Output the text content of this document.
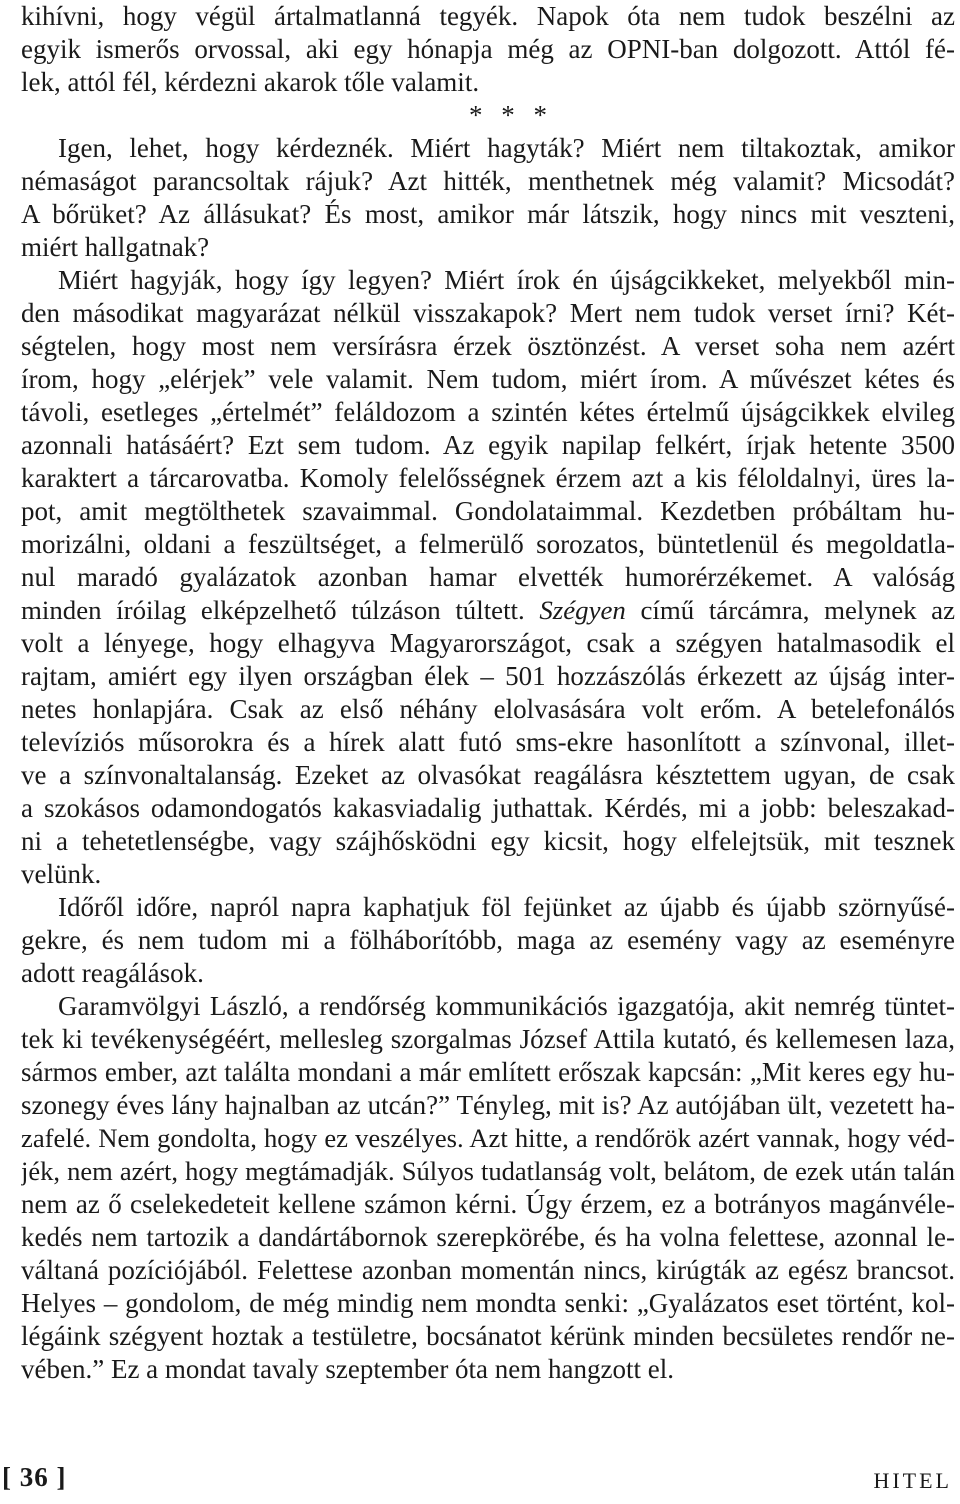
kihívni, hogy végül ártalmatlanná tegyék. Napok óta nem tudok beszélni az
egyik ismerős orvossal, aki egy hónapja még az OPNI-ban dolgozott. Attól fé-
lek, attól fél, kérdezni akarok tőle valamit.
* * *
Igen, lehet, hogy kérdeznék. Miért hagyták? Miért nem tiltakoztak, amikor
némaságot parancsoltak rájuk? Azt hitték, menthetnek még valamit? Micsodát?
A bőrüket? Az állásukat? És most, amikor már látszik, hogy nincs mit veszteni,
miért hallgatnak?
Miért hagyják, hogy így legyen? Miért írok én újságcikkeket, melyekből min-
den másodikat magyarázat nélkül visszakapok? Mert nem tudok verset írni? Két-
ségtelen, hogy most nem versírásra érzek ösztönzést. A verset soha nem azért
írom, hogy „elérjek” vele valamit. Nem tudom, miért írom. A művészet kétes és
távoli, esetleges „értelmét” feláldozom a szintén kétes értelmű újságcikkek elvileg
azonnali hatásáért? Ezt sem tudom. Az egyik napilap felkért, írjak hetente 3500
karaktert a tárcarovatba. Komoly felelősségnek érzem azt a kis féloldalnyi, üres la-
pot, amit megtölthetek szavaimmal. Gondolataimmal. Kezdetben próbáltam hu-
morizálni, oldani a feszültséget, a felmerülő sorozatos, büntetlenül és megoldatla-
nul maradó gyalázatok azonban hamar elvették humorérzékemet. A valóság
minden íróilag elképzelhető túlzáson túltett. Szégyen című tárcámra, melynek az
volt a lényege, hogy elhagyva Magyarországot, csak a szégyen hatalmasodik el
rajtam, amiért egy ilyen országban élek – 501 hozzászólás érkezett az újság inter-
netes honlapjára. Csak az első néhány elolvasására volt erőm. A betelefonálós
televíziós műsorokra és a hírek alatt futó sms-ekre hasonlított a színvonal, illet-
ve a színvonaltalanság. Ezeket az olvasókat reagálásra késztettem ugyan, de csak
a szokásos odamondogatós kakasviadalig juthattak. Kérdés, mi a jobb: beleszakad-
ni a tehetetlenségbe, vagy szájhősködni egy kicsit, hogy elfelejtsük, mit tesznek
velünk.
Időről időre, napról napra kaphatjuk föl fejünket az újabb és újabb szörnyűsé-
gekre, és nem tudom mi a fölháborítóbb, maga az esemény vagy az eseményre
adott reagálások.
Garamvölgyi László, a rendőrség kommunikációs igazgatója, akit nemrég tüntet-
tek ki tevékenységéért, mellesleg szorgalmas József Attila kutató, és kellemesen laza,
sármos ember, azt találta mondani a már említett erőszak kapcsán: „Mit keres egy hu-
szonegy éves lány hajnalban az utcán?” Tényleg, mit is? Az autójában ült, vezetett ha-
zafelé. Nem gondolta, hogy ez veszélyes. Azt hitte, a rendőrök azért vannak, hogy véd-
jék, nem azért, hogy megtámadják. Súlyos tudatlanság volt, belátom, de ezek után talán
nem az ő cselekedeteit kellene számon kérni. Úgy érzem, ez a botrányos magánvéle-
kedés nem tartozik a dandártábornok szerepkörébe, és ha volna felettese, azonnal le-
váltaná pozíciójából. Felettese azonban momentán nincs, kirúgták az egész brancsot.
Helyes – gondolom, de még mindig nem mondta senki: „Gyalázatos eset történt, kol-
légáink szégyent hoztak a testületre, bocsánatot kérünk minden becsületes rendőr ne-
vében.” Ez a mondat tavaly szeptember óta nem hangzott el.
[ 36 ]	HITEL
